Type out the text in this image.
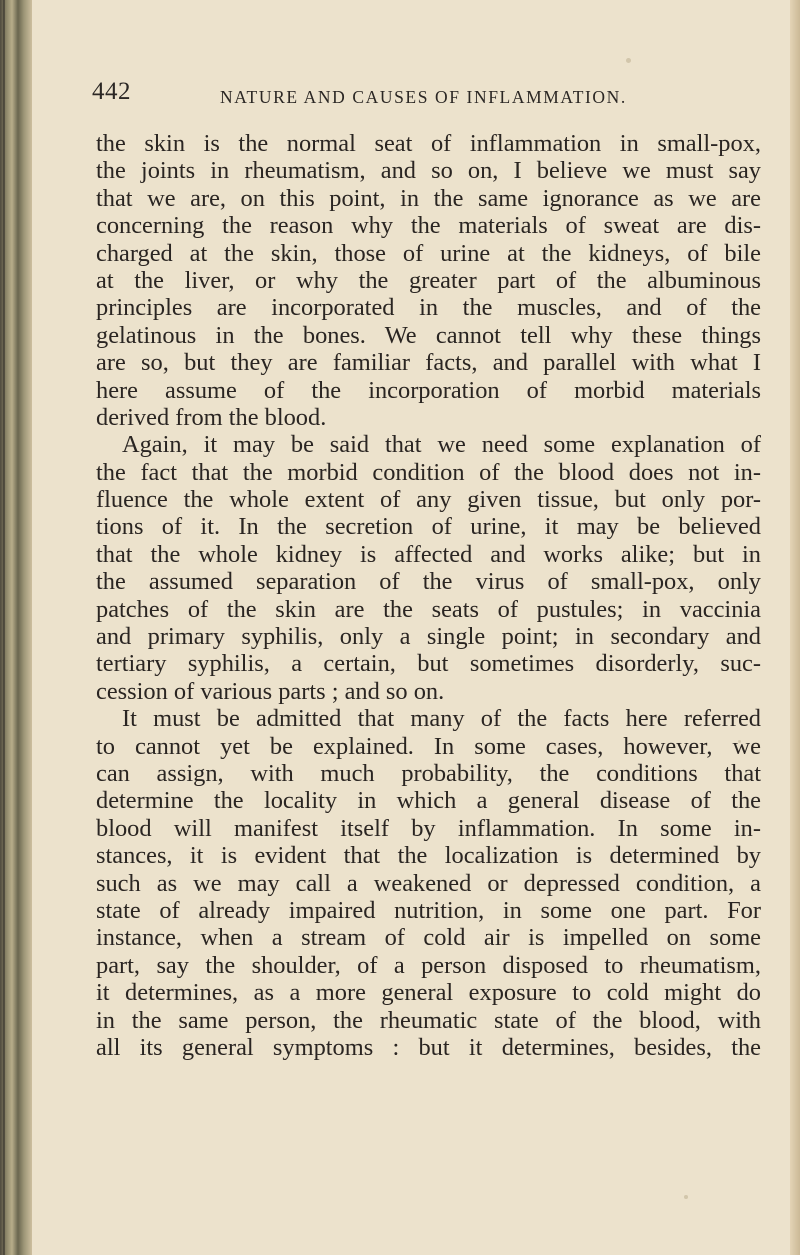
442	NATURE AND CAUSES OF INFLAMMATION.
the skin is the normal seat of inflammation in small-pox,
the joints in rheumatism, and so on, I believe we must say
that we are, on this point, in the same ignorance as we are
concerning the reason why the materials of sweat are dis-
charged at the skin, those of urine at the kidneys, of bile
at the liver, or why the greater part of the albuminous
principles are incorporated in the muscles, and of the
gelatinous in the bones. We cannot tell why these things
are so, but they are familiar facts, and parallel with what I
here assume of the incorporation of morbid materials
derived from the blood.
Again, it may be said that we need some explanation of
the fact that the morbid condition of the blood does not in-
fluence the whole extent of any given tissue, but only por-
tions of it. In the secretion of urine, it may be believed
that the whole kidney is affected and works alike; but in
the assumed separation of the virus of small-pox, only
patches of the skin are the seats of pustules; in vaccinia
and primary syphilis, only a single point; in secondary and
tertiary syphilis, a certain, but sometimes disorderly, suc-
cession of various parts ; and so on.
It must be admitted that many of the facts here referred
to cannot yet be explained. In some cases, however, we
can assign, with much probability, the conditions that
determine the locality in which a general disease of the
blood will manifest itself by inflammation. In some in-
stances, it is evident that the localization is determined by
such as we may call a weakened or depressed condition, a
state of already impaired nutrition, in some one part. For
instance, when a stream of cold air is impelled on some
part, say the shoulder, of a person disposed to rheumatism,
it determines, as a more general exposure to cold might do
in the same person, the rheumatic state of the blood, with
all its general symptoms : but it determines, besides, the
